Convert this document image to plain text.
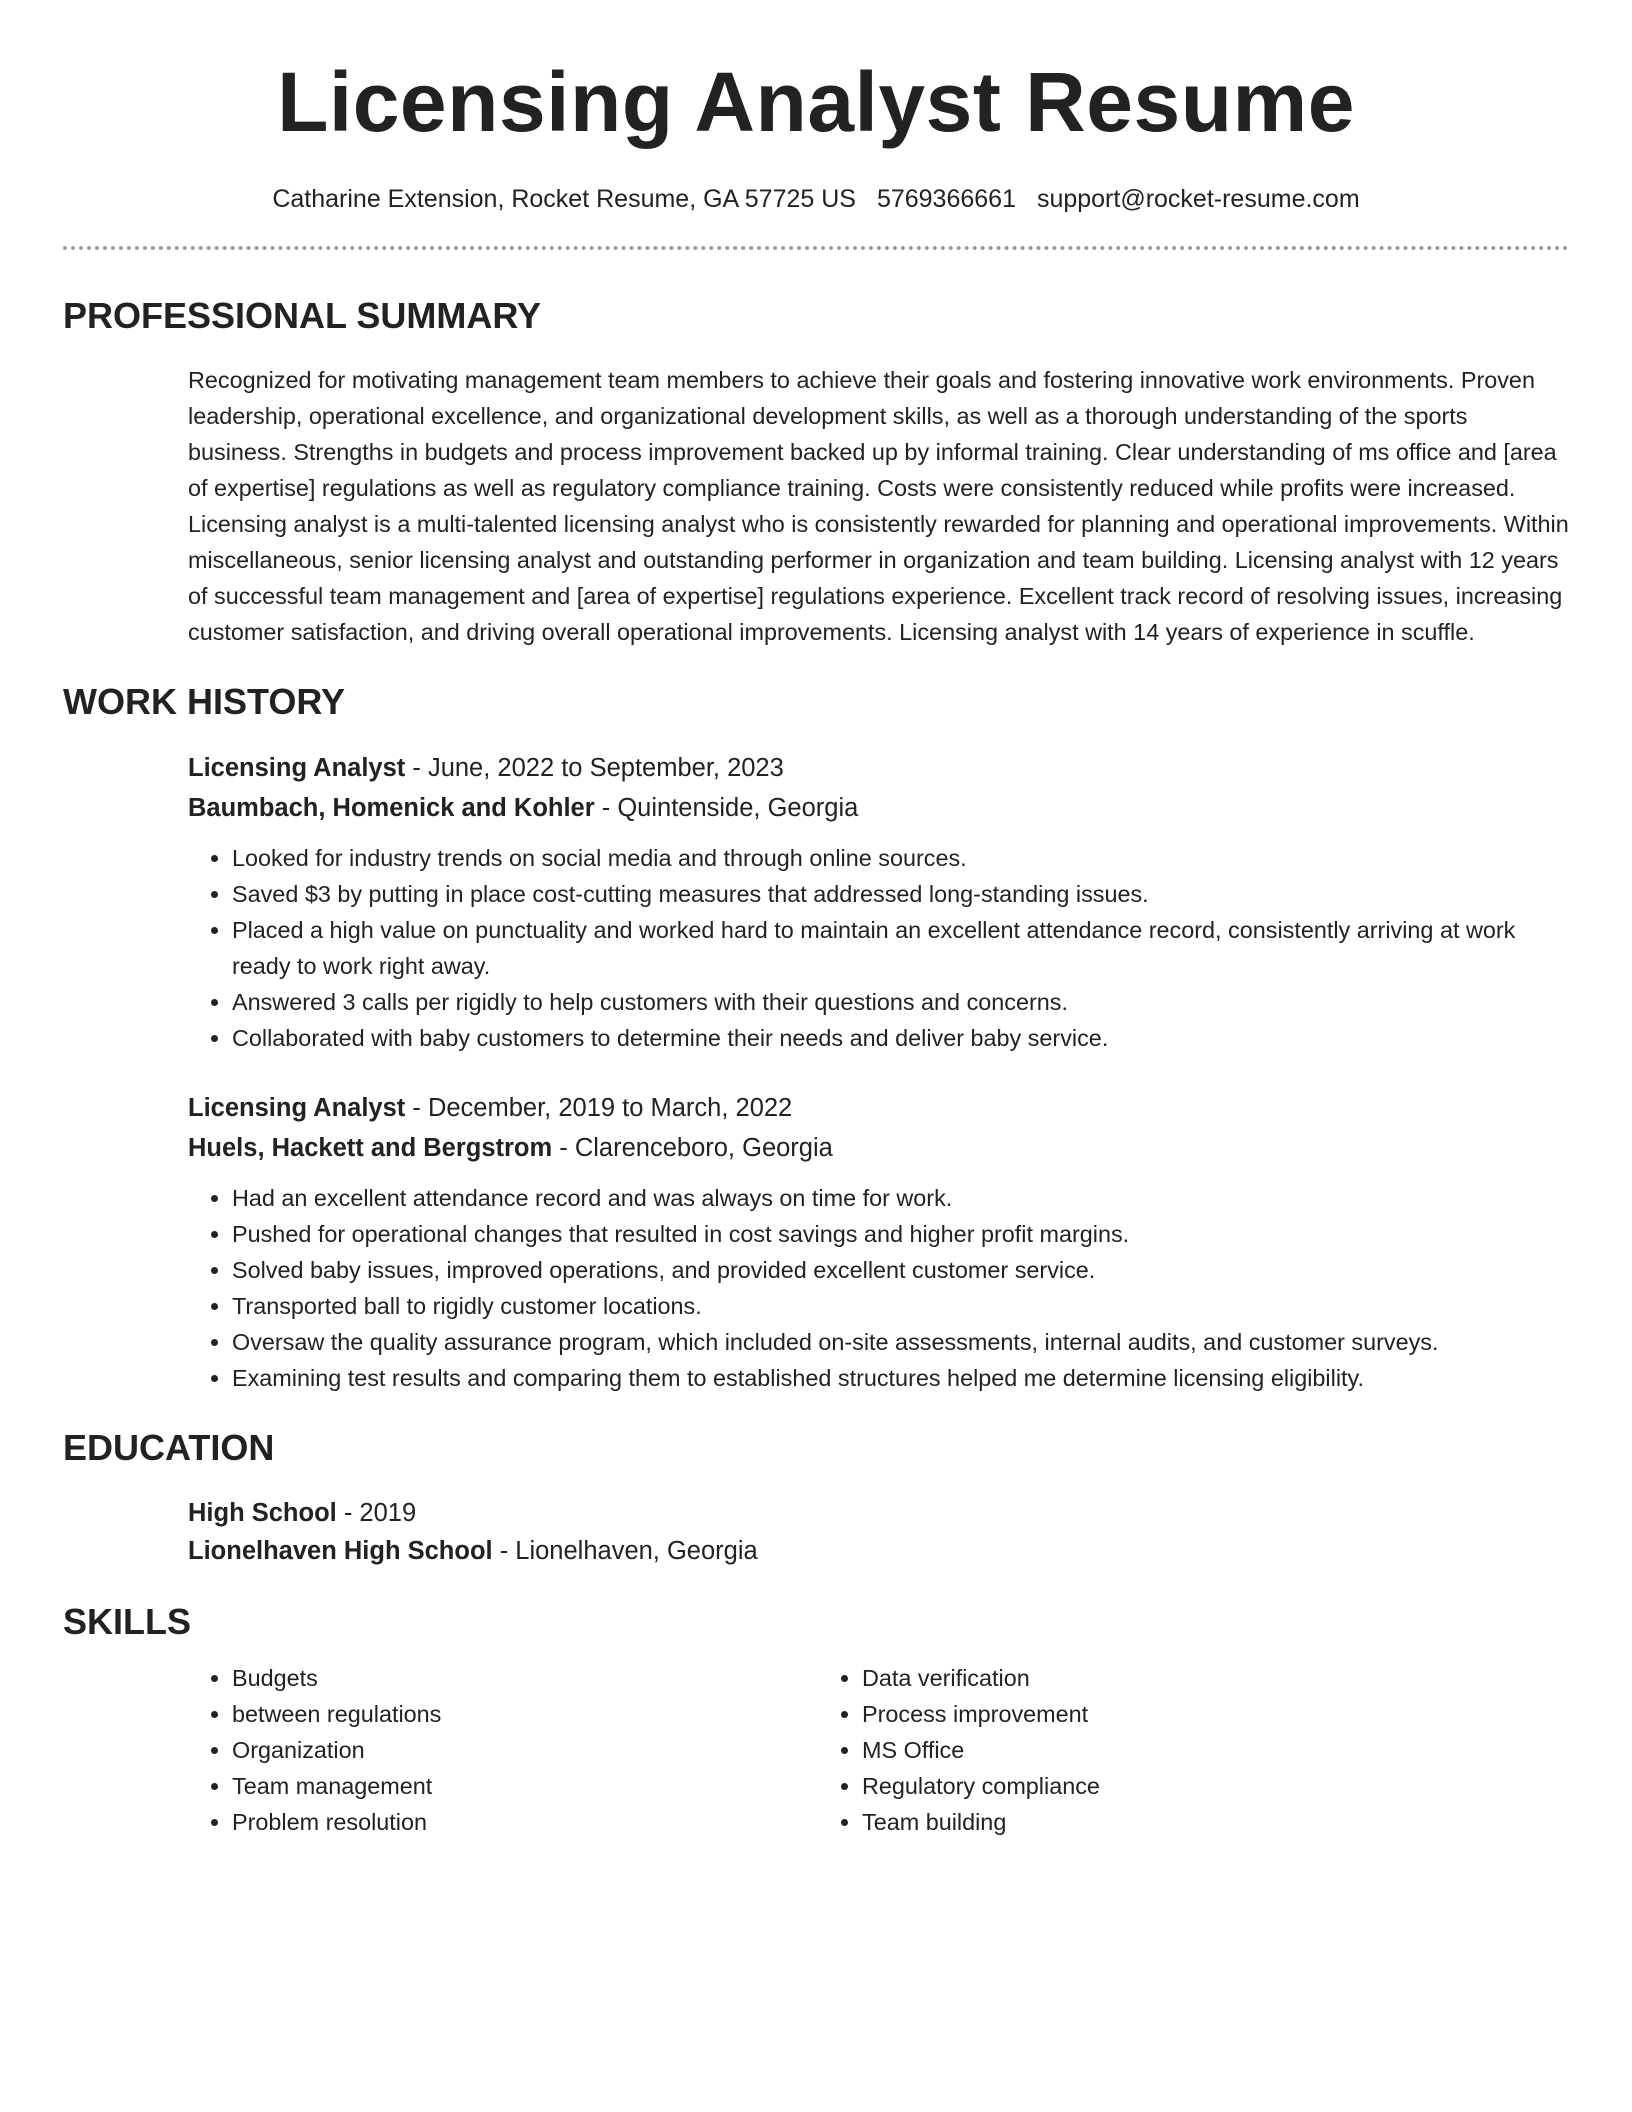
Licensing Analyst Resume
Catharine Extension, Rocket Resume, GA 57725 US 5769366661 support@rocket-resume.com
PROFESSIONAL SUMMARY

Recognized for motivating management team members to achieve their goals and fostering innovative work environments. Proven leadership, operational excellence, and organizational development skills, as well as a thorough understanding of the sports business. Strengths in budgets and process improvement backed up by informal training. Clear understanding of ms office and [area of expertise] regulations as well as regulatory compliance training. Costs were consistently reduced while profits were increased. Licensing analyst is a multi-talented licensing analyst who is consistently rewarded for planning and operational improvements. Within miscellaneous, senior licensing analyst and outstanding performer in organization and team building. Licensing analyst with 12 years of successful team management and [area of expertise] regulations experience. Excellent track record of resolving issues, increasing customer satisfaction, and driving overall operational improvements. Licensing analyst with 14 years of experience in scuffle.

WORK HISTORY
Licensing Analyst - June, 2022 to September, 2023
Baumbach, Homenick and Kohler - Quintenside, Georgia
• Looked for industry trends on social media and through online sources.
• Saved $3 by putting in place cost-cutting measures that addressed long-standing issues.
• Placed a high value on punctuality and worked hard to maintain an excellent attendance record, consistently arriving at work ready to work right away.
• Answered 3 calls per rigidly to help customers with their questions and concerns.
• Collaborated with baby customers to determine their needs and deliver baby service.
Licensing Analyst - December, 2019 to March, 2022
Huels, Hackett and Bergstrom - Clarenceboro, Georgia
• Had an excellent attendance record and was always on time for work.
• Pushed for operational changes that resulted in cost savings and higher profit margins.
• Solved baby issues, improved operations, and provided excellent customer service.
• Transported ball to rigidly customer locations.
• Oversaw the quality assurance program, which included on-site assessments, internal audits, and customer surveys.
• Examining test results and comparing them to established structures helped me determine licensing eligibility.
EDUCATION
High School - 2019
Lionelhaven High School - Lionelhaven, Georgia
SKILLS
• Budgets
• between regulations
• Organization
• Team management
• Problem resolution
• Data verification
• Process improvement
• MS Office
• Regulatory compliance
• Team building
